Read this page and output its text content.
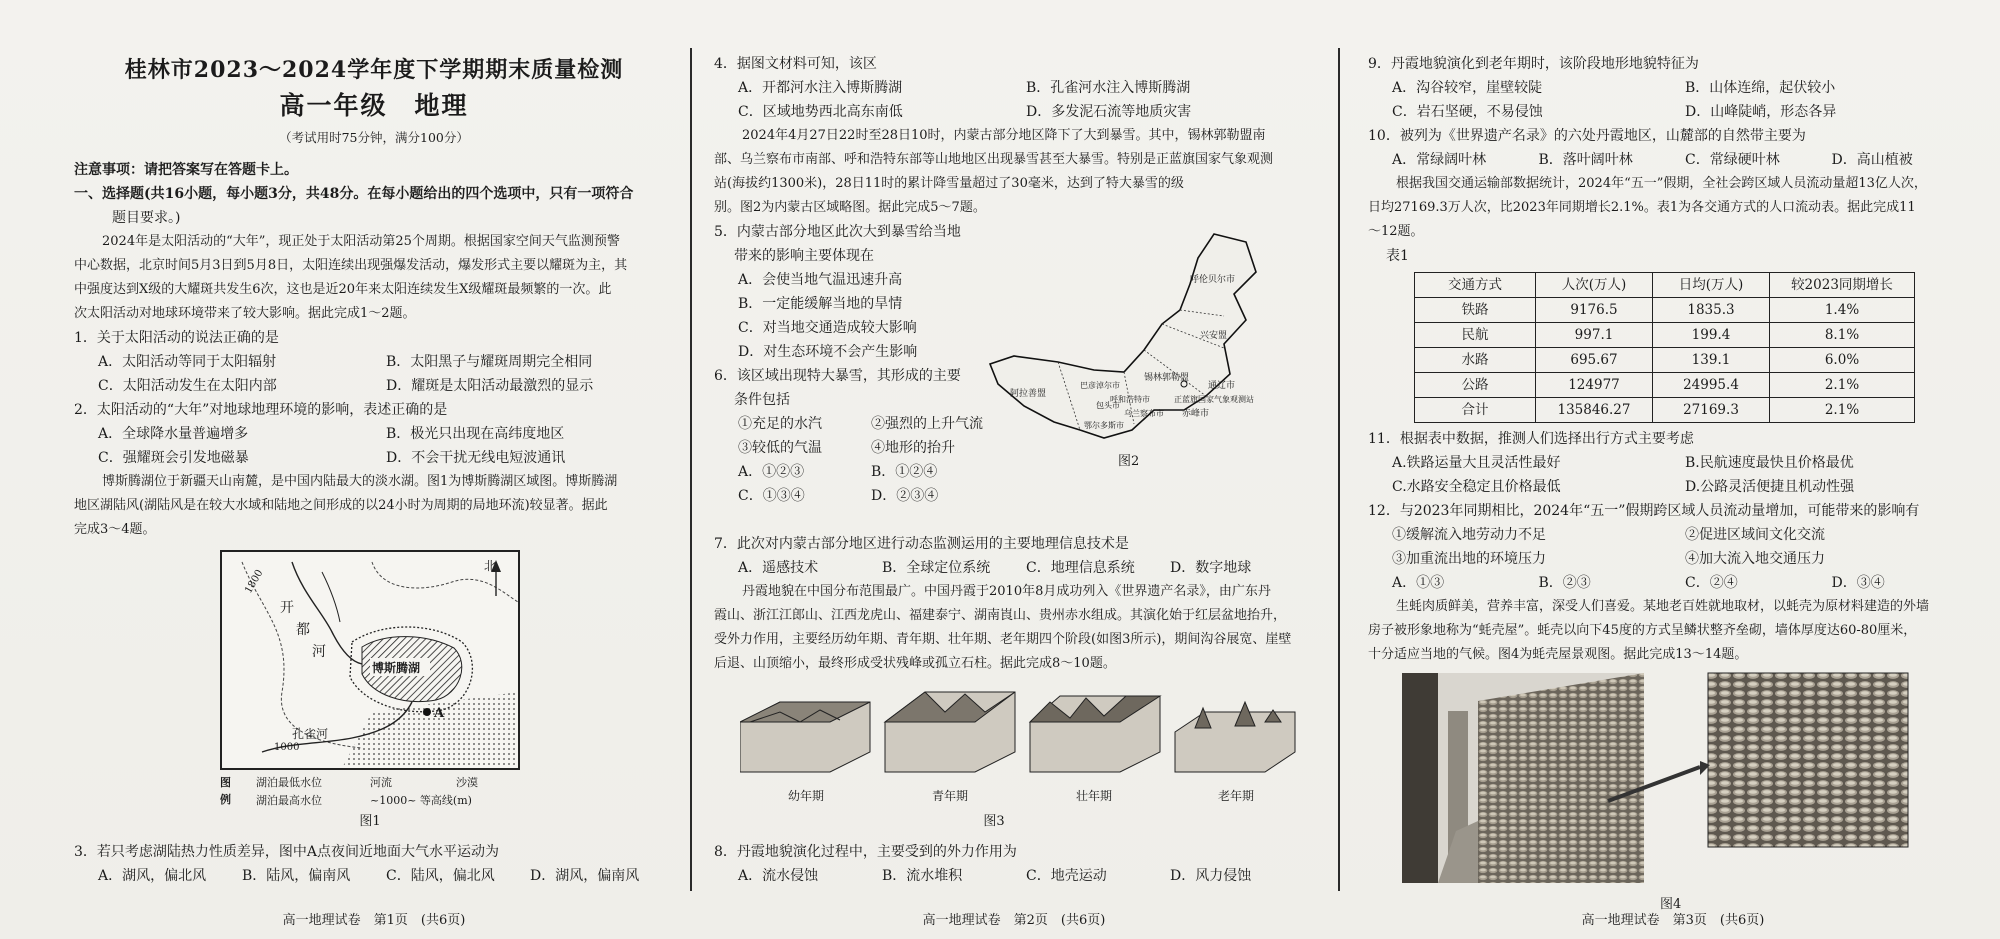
桂林市2023～2024学年度下学期期末质量检测
高一年级　地理
（考试用时75分钟，满分100分）

注意事项：请把答案写在答题卡上。

一、选择题(共16小题，每小题3分，共48分。在每小题给出的四个选项中，只有一项符合

题目要求。)

2024年是太阳活动的“大年”，现正处于太阳活动第25个周期。根据国家空间天气监测预警

中心数据，北京时间5月3日到5月8日，太阳连续出现强爆发活动，爆发形式主要以耀斑为主，其

中强度达到X级的大耀斑共发生6次，这也是近20年来太阳连续发生X级耀斑最频繁的一次。此

次太阳活动对地球环境带来了较大影响。据此完成1～2题。

1．关于太阳活动的说法正确的是

A．太阳活动等同于太阳辐射	B．太阳黑子与耀斑周期完全相同
C．太阳活动发生在太阳内部	D．耀斑是太阳活动最激烈的显示

2．太阳活动的“大年”对地球地理环境的影响，表述正确的是

A．全球降水量普遍增多	B．极光只出现在高纬度地区
C．强耀斑会引发地磁暴	D．不会干扰无线电短波通讯

博斯腾湖位于新疆天山南麓，是中国内陆最大的淡水湖。图1为博斯腾湖区域图。博斯腾湖

地区湖陆风(湖陆风是在较大水域和陆地之间形成的以24小时为周期的局地环流)较显著。据此

完成3～4题。

博斯腾湖
开
都
河
孔雀河
1800
1000
A
北
图例
湖泊最低水位	河流	沙漠
湖泊最高水位	~1000~ 等高线(m)
图1

3．若只考虑湖陆热力性质差异，图中A点夜间近地面大气水平运动为

A．湖风，偏北风	B．陆风，偏南风	C．陆风，偏北风	D．湖风，偏南风
高一地理试卷　第1页　(共6页)

4．据图文材料可知，该区

A．开都河水注入博斯腾湖	B．孔雀河水注入博斯腾湖
C．区域地势西北高东南低	D．多发泥石流等地质灾害

2024年4月27日22时至28日10时，内蒙古部分地区降下了大到暴雪。其中，锡林郭勒盟南

部、乌兰察布市南部、呼和浩特东部等山地地区出现暴雪甚至大暴雪。特别是正蓝旗国家气象观测

站(海拔约1300米)，28日11时的累计降雪量超过了30毫米，达到了特大暴雪的级

别。图2为内蒙古区域略图。据此完成5～7题。

5．内蒙古部分地区此次大到暴雪给当地

带来的影响主要体现在

A．会使当地气温迅速升高

B．一定能缓解当地的旱情

C．对当地交通造成较大影响

D．对生态环境不会产生影响

6．该区域出现特大暴雪，其形成的主要

条件包括

①充足的水汽	②强烈的上升气流
③较低的气温	④地形的抬升
A．①②③	B．①②④
C．①③④	D．②③④
呼伦贝尔市
兴安盟
通辽市
赤峰市
锡林郭勒盟
正蓝旗国家气象观测站
乌兰察布市
呼和浩特市
阿拉善盟
巴彦淖尔市
鄂尔多斯市
包头市
图2

7．此次对内蒙古部分地区进行动态监测运用的主要地理信息技术是

A．遥感技术	B．全球定位系统	C．地理信息系统	D．数字地球

丹霞地貌在中国分布范围最广。中国丹霞于2010年8月成功列入《世界遗产名录》，由广东丹

霞山、浙江江郎山、江西龙虎山、福建泰宁、湖南崀山、贵州赤水组成。其演化始于红层盆地抬升，

受外力作用，主要经历幼年期、青年期、壮年期、老年期四个阶段(如图3所示)，期间沟谷展宽、崖壁

后退、山顶缩小，最终形成受状残峰或孤立石柱。据此完成8～10题。

幼年期	青年期	壮年期	老年期
图3

8．丹霞地貌演化过程中，主要受到的外力作用为

A．流水侵蚀	B．流水堆积	C．地壳运动	D．风力侵蚀
高一地理试卷　第2页　(共6页)

9．丹霞地貌演化到老年期时，该阶段地形地貌特征为

A．沟谷较窄，崖壁较陡	B．山体连绵，起伏较小
C．岩石坚硬，不易侵蚀	D．山峰陡峭，形态各异

10．被列为《世界遗产名录》的六处丹霞地区，山麓部的自然带主要为

A．常绿阔叶林	B．落叶阔叶林	C．常绿硬叶林	D．高山植被

根据我国交通运输部数据统计，2024年“五一”假期，全社会跨区域人员流动量超13亿人次，

日均27169.3万人次，比2023年同期增长2.1%。表1为各交通方式的人口流动表。据此完成11

～12题。

表1

交通方式	人次(万人)	日均(万人)	较2023同期增长
铁路	9176.5	1835.3	1.4%
民航	997.1	199.4	8.1%
水路	695.67	139.1	6.0%
公路	124977	24995.4	2.1%
合计	135846.27	27169.3	2.1%

11．根据表中数据，推测人们选择出行方式主要考虑

A.铁路运量大且灵活性最好	B.民航速度最快且价格最优
C.水路安全稳定且价格最低	D.公路灵活便捷且机动性强

12．与2023年同期相比，2024年“五一”假期跨区域人员流动量增加，可能带来的影响有

①缓解流入地劳动力不足	②促进区域间文化交流
③加重流出地的环境压力	④加大流入地交通压力
A．①③	B．②③	C．②④	D．③④

生蚝肉质鲜美，营养丰富，深受人们喜爱。某地老百姓就地取材，以蚝壳为原材料建造的外墙

房子被形象地称为“蚝壳屋”。蚝壳以向下45度的方式呈鳞状整齐垒砌，墙体厚度达60-80厘米，

十分适应当地的气候。图4为蚝壳屋景观图。据此完成13～14题。

图4
高一地理试卷　第3页　(共6页)
